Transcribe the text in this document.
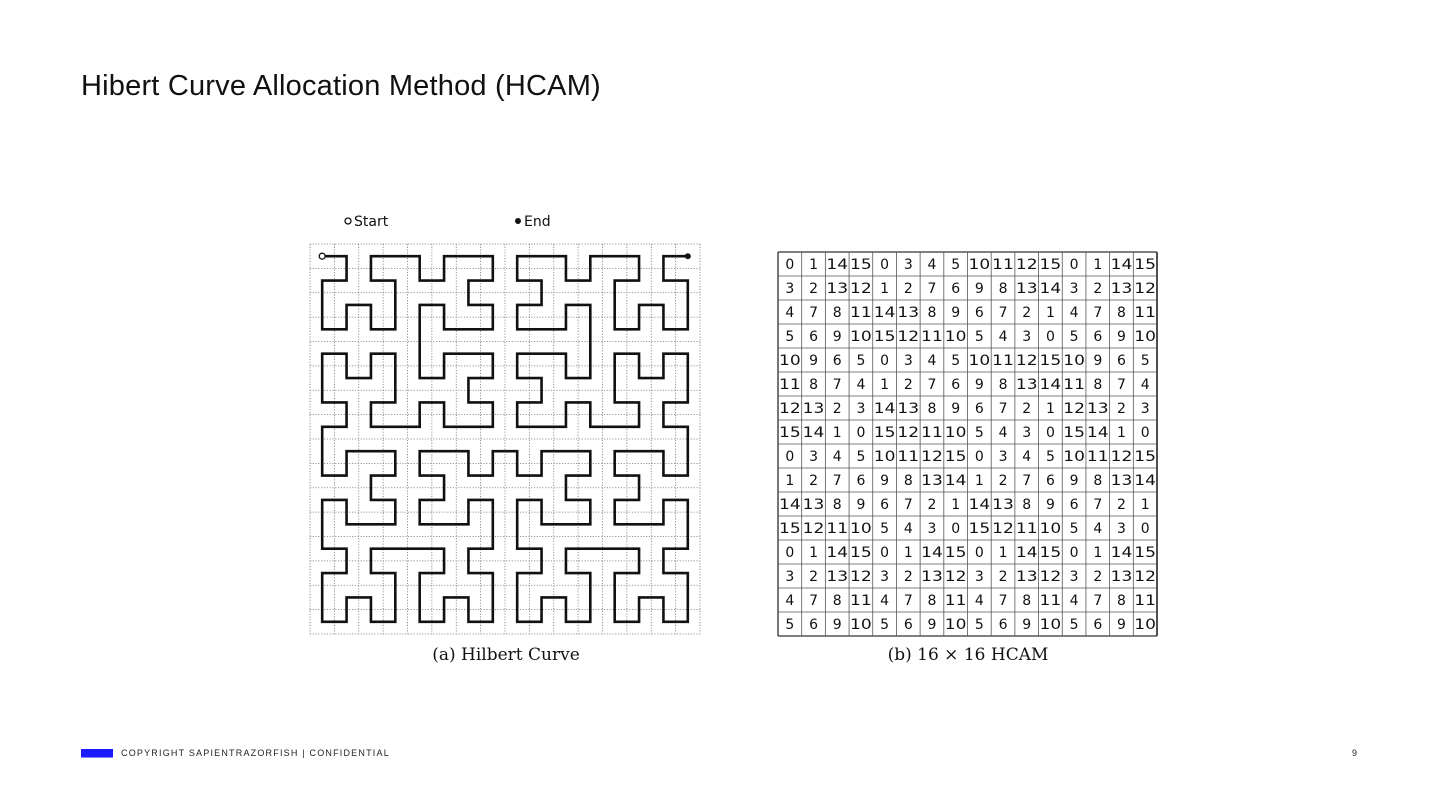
Hibert Curve Allocation Method (HCAM)
Start	End
(a) Hilbert Curve
0 1 14 15 0 3 4 5 10 11 12 15 0 1 14 15
3 2 13 12 1 2 7 6 9 8 13 14 3 2 13 12
4 7 8 11 14 13 8 9 6 7 2 1 4 7 8 11
5 6 9 10 15 12 11 10 5 4 3 0 5 6 9 10
10 9 6 5 0 3 4 5 10 11 12 15 10 9 6 5
11 8 7 4 1 2 7 6 9 8 13 14 11 8 7 4
12 13 2 3 14 13 8 9 6 7 2 1 12 13 2 3
15 14 1 0 15 12 11 10 5 4 3 0 15 14 1 0
0 3 4 5 10 11 12 15 0 3 4 5 10 11 12 15
1 2 7 6 9 8 13 14 1 2 7 6 9 8 13 14
14 13 8 9 6 7 2 1 14 13 8 9 6 7 2 1
15 12 11 10 5 4 3 0 15 12 11 10 5 4 3 0
0 1 14 15 0 1 14 15 0 1 14 15 0 1 14 15
3 2 13 12 3 2 13 12 3 2 13 12 3 2 13 12
4 7 8 11 4 7 8 11 4 7 8 11 4 7 8 11
5 6 9 10 5 6 9 10 5 6 9 10 5 6 9 10
(b) 16 × 16 HCAM
COPYRIGHT SAPIENTRAZORFISH | CONFIDENTIAL	9
